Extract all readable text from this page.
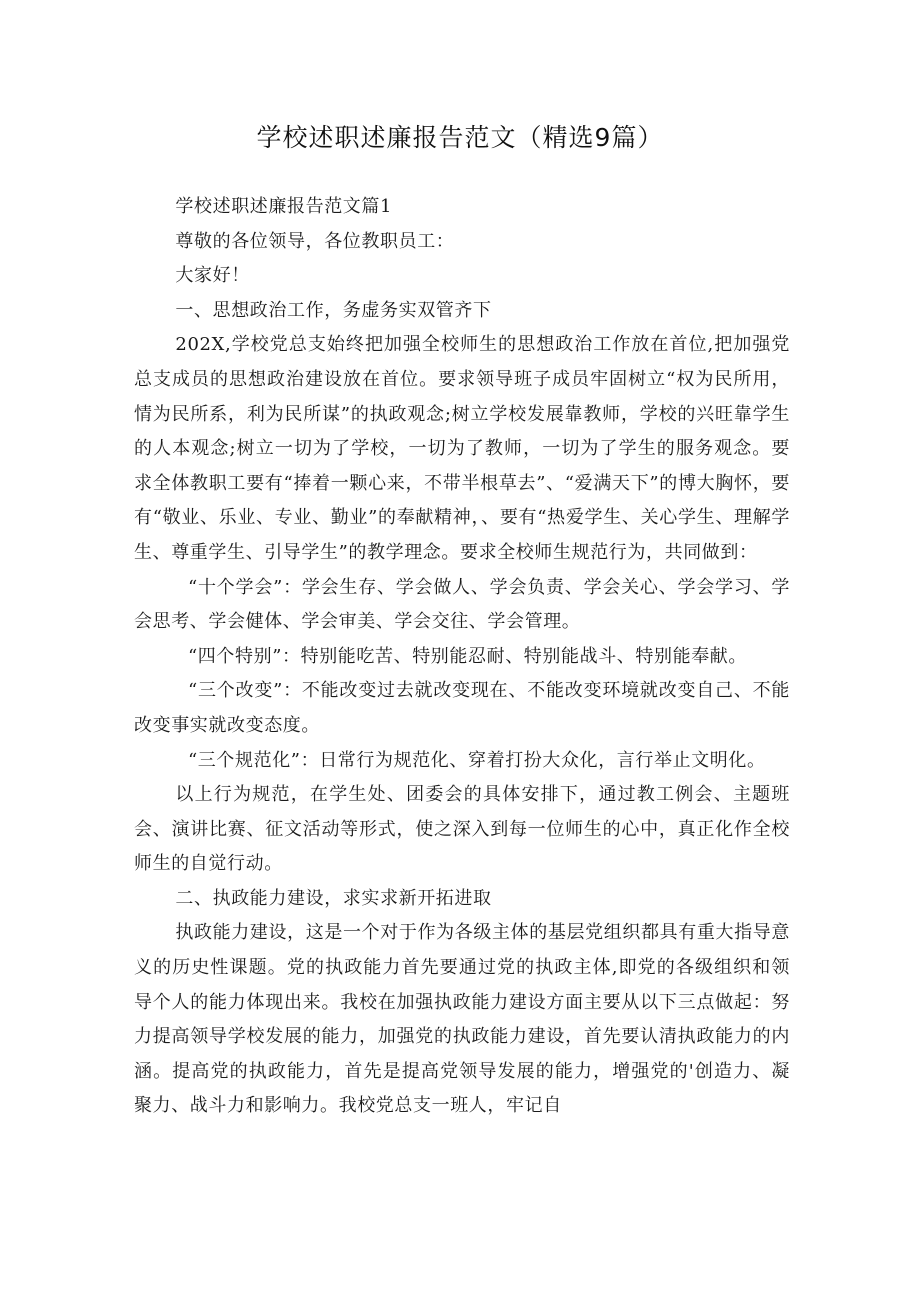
学校述职述廉报告范文（精选9篇）

学校述职述廉报告范文篇1

尊敬的各位领导，各位教职员工：

大家好！

一、思想政治工作，务虚务实双管齐下

202X,学校党总支始终把加强全校师生的思想政治工作放在首位,把加强党总支成员的思想政治建设放在首位。要求领导班子成员牢固树立“权为民所用，情为民所系，利为民所谋”的执政观念;树立学校发展靠教师，学校的兴旺靠学生的人本观念;树立一切为了学校，一切为了教师，一切为了学生的服务观念。要求全体教职工要有“捧着一颗心来，不带半根草去”、“爱满天下”的博大胸怀，要有“敬业、乐业、专业、勤业”的奉献精神，、要有“热爱学生、关心学生、理解学生、尊重学生、引导学生”的教学理念。要求全校师生规范行为，共同做到：

“十个学会”：学会生存、学会做人、学会负责、学会关心、学会学习、学会思考、学会健体、学会审美、学会交往、学会管理。

“四个特别”：特别能吃苦、特别能忍耐、特别能战斗、特别能奉献。

“三个改变”：不能改变过去就改变现在、不能改变环境就改变自己、不能改变事实就改变态度。

“三个规范化”：日常行为规范化、穿着打扮大众化，言行举止文明化。

以上行为规范，在学生处、团委会的具体安排下，通过教工例会、主题班会、演讲比赛、征文活动等形式，使之深入到每一位师生的心中，真正化作全校师生的自觉行动。

二、执政能力建设，求实求新开拓进取

执政能力建设，这是一个对于作为各级主体的基层党组织都具有重大指导意义的历史性课题。党的执政能力首先要通过党的执政主体,即党的各级组织和领导个人的能力体现出来。我校在加强执政能力建设方面主要从以下三点做起：努力提高领导学校发展的能力，加强党的执政能力建设，首先要认清执政能力的内涵。提高党的执政能力，首先是提高党领导发展的能力，增强党的'创造力、凝聚力、战斗力和影响力。我校党总支一班人，牢记自
